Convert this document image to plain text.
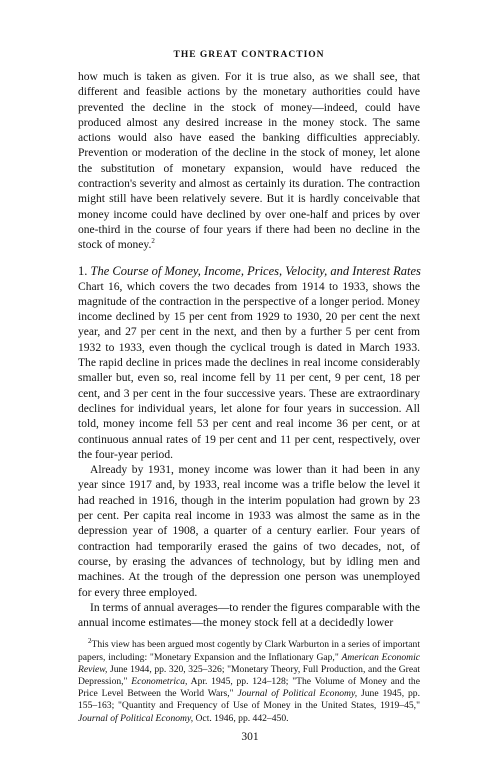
THE GREAT CONTRACTION

how much is taken as given. For it is true also, as we shall see, that different and feasible actions by the monetary authorities could have prevented the decline in the stock of money—indeed, could have produced almost any desired increase in the money stock. The same actions would also have eased the banking difficulties appreciably. Prevention or moderation of the decline in the stock of money, let alone the substitution of monetary expansion, would have reduced the contraction's severity and almost as certainly its duration. The contraction might still have been relatively severe. But it is hardly conceivable that money income could have declined by over one-half and prices by over one-third in the course of four years if there had been no decline in the stock of money.$^2$

1. The Course of Money, Income, Prices, Velocity, and Interest Rates

Chart 16, which covers the two decades from 1914 to 1933, shows the magnitude of the contraction in the perspective of a longer period. Money income declined by 15 per cent from 1929 to 1930, 20 per cent the next year, and 27 per cent in the next, and then by a further 5 per cent from 1932 to 1933, even though the cyclical trough is dated in March 1933. The rapid decline in prices made the declines in real income considerably smaller but, even so, real income fell by 11 per cent, 9 per cent, 18 per cent, and 3 per cent in the four successive years. These are extraordinary declines for individual years, let alone for four years in succession. All told, money income fell 53 per cent and real income 36 per cent, or at continuous annual rates of 19 per cent and 11 per cent, respectively, over the four-year period.

Already by 1931, money income was lower than it had been in any year since 1917 and, by 1933, real income was a trifle below the level it had reached in 1916, though in the interim population had grown by 23 per cent. Per capita real income in 1933 was almost the same as in the depression year of 1908, a quarter of a century earlier. Four years of contraction had temporarily erased the gains of two decades, not, of course, by erasing the advances of technology, but by idling men and machines. At the trough of the depression one person was unemployed for every three employed.

In terms of annual averages—to render the figures comparable with the annual income estimates—the money stock fell at a decidedly lower

$^2$This view has been argued most cogently by Clark Warburton in a series of important papers, including: "Monetary Expansion and the Inflationary Gap," American Economic Review, June 1944, pp. 320, 325–326; "Monetary Theory, Full Production, and the Great Depression," Econometrica, Apr. 1945, pp. 124–128; "The Volume of Money and the Price Level Between the World Wars," Journal of Political Economy, June 1945, pp. 155–163; "Quantity and Frequency of Use of Money in the United States, 1919–45," Journal of Political Economy, Oct. 1946, pp. 442–450.

301
